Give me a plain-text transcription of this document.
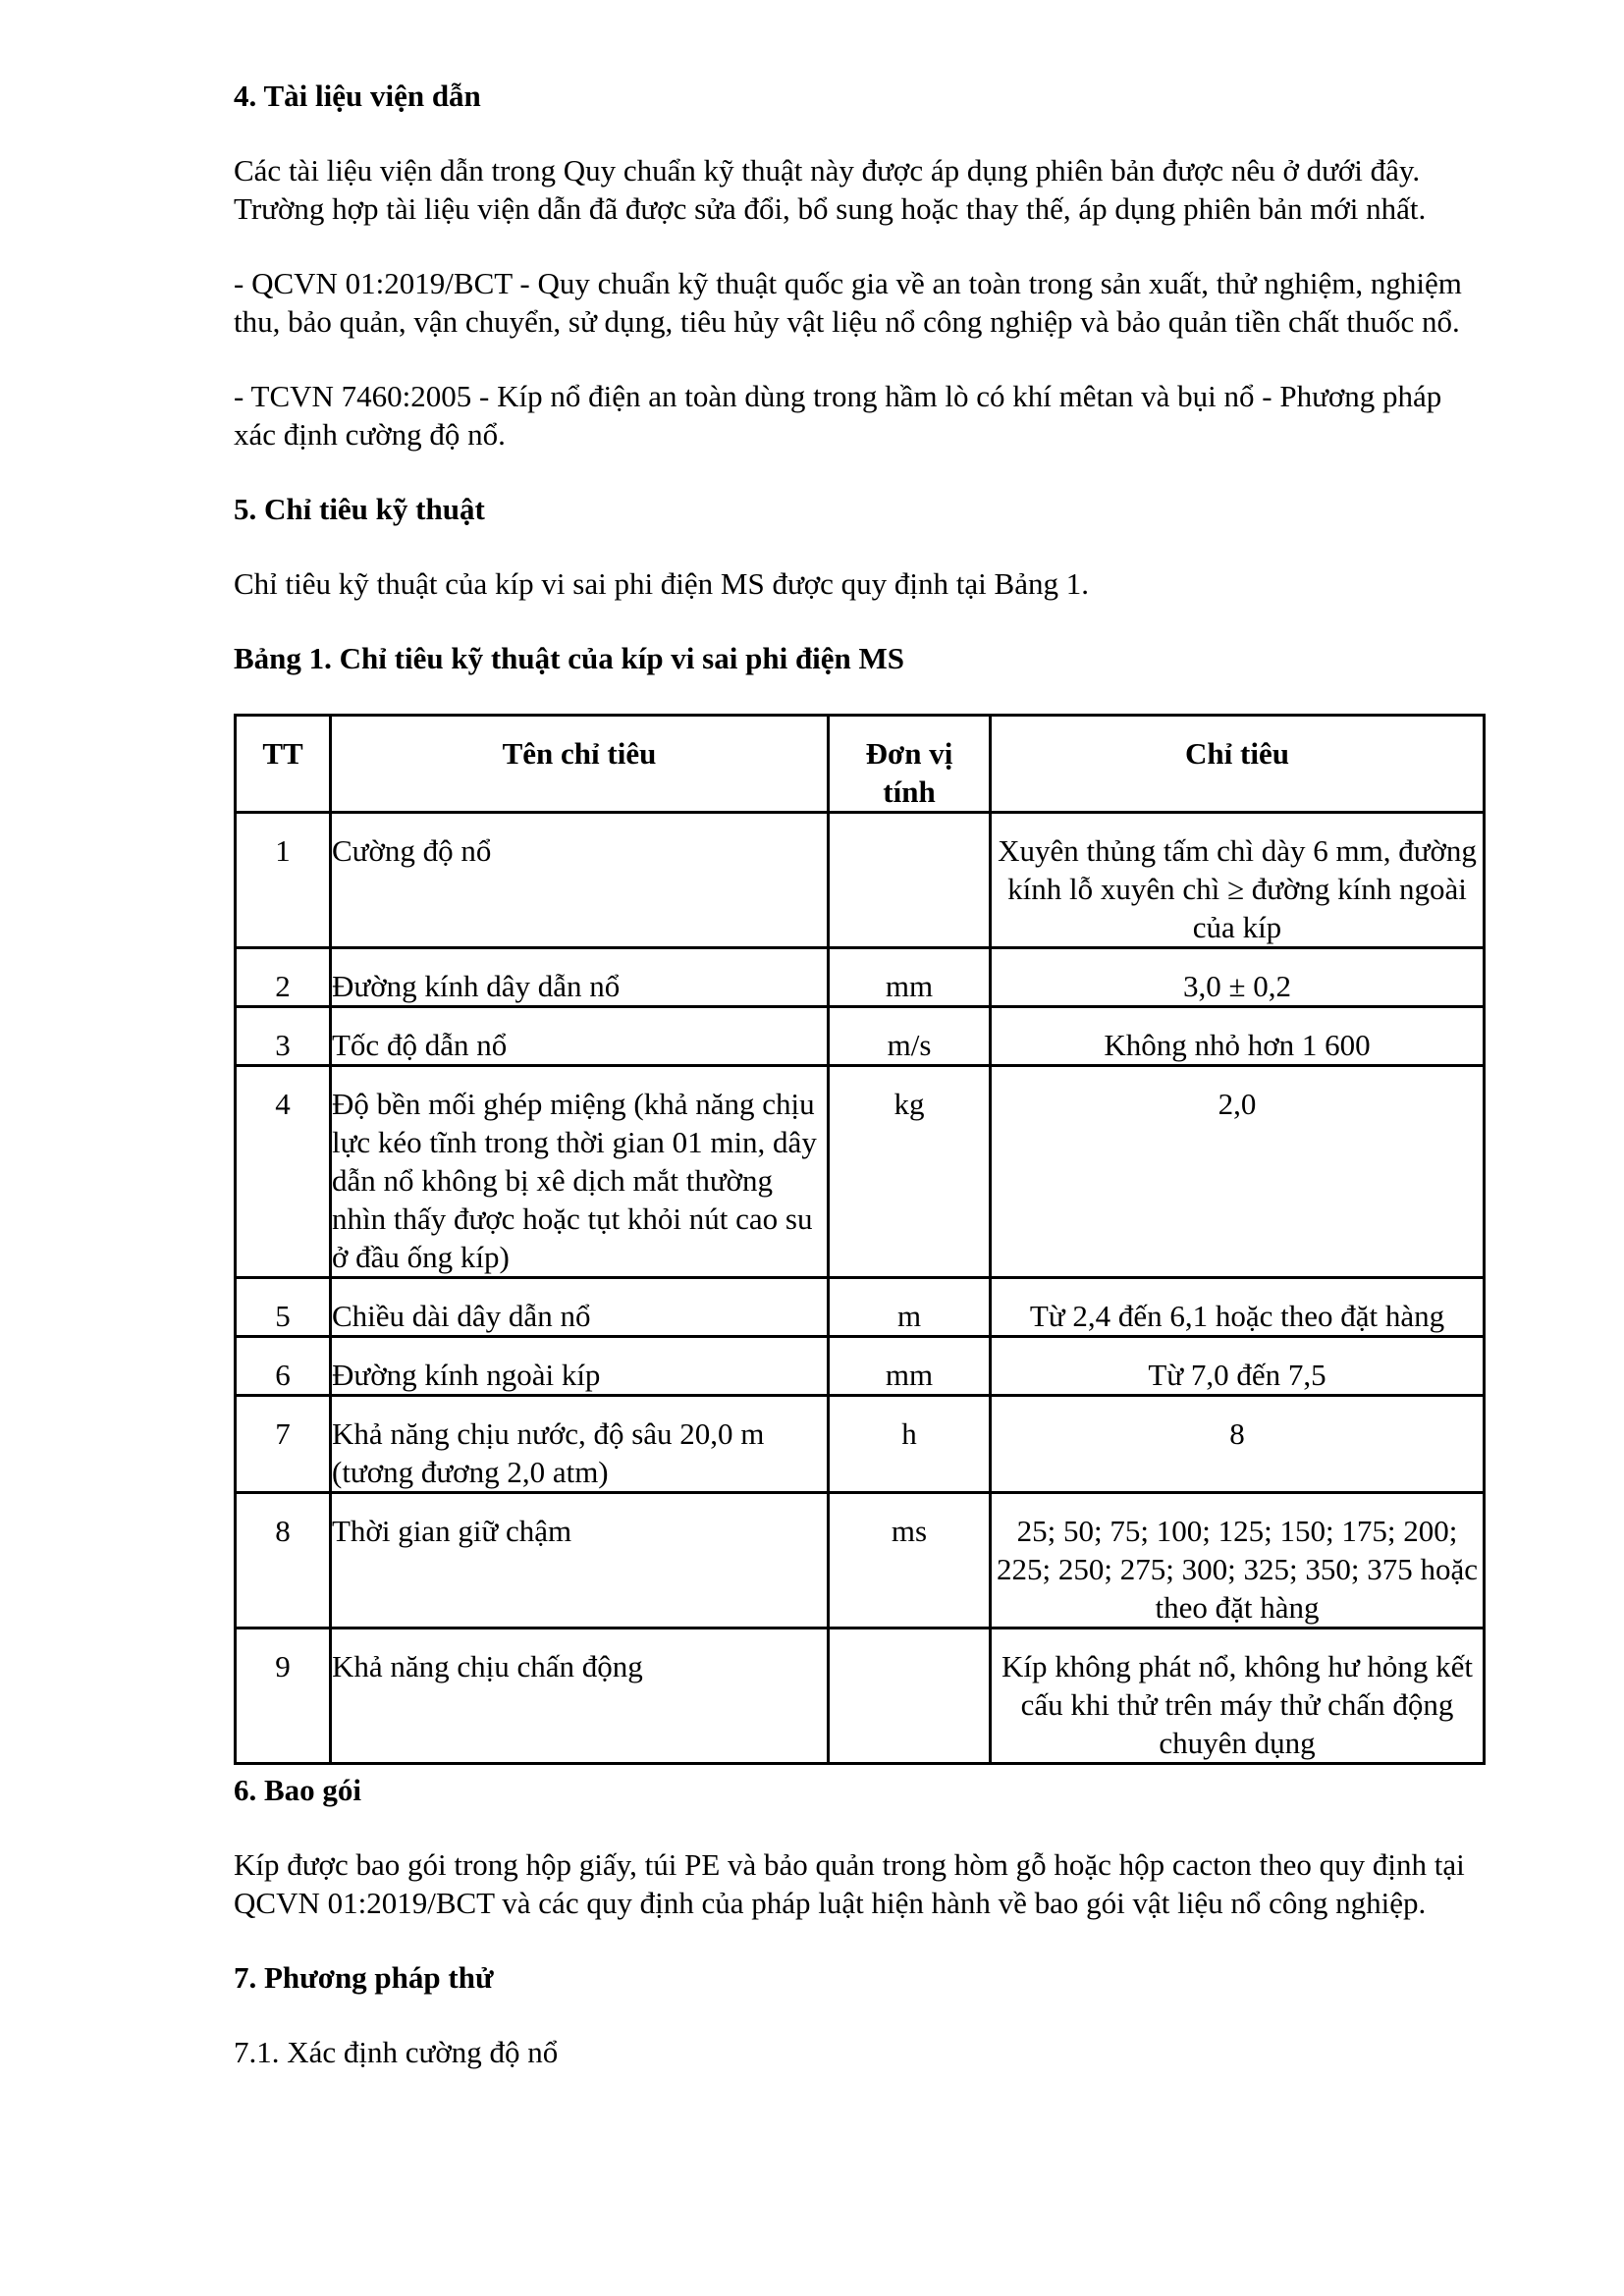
4. Tài liệu viện dẫn

Các tài liệu viện dẫn trong Quy chuẩn kỹ thuật này được áp dụng phiên bản được nêu ở dưới đây. Trường hợp tài liệu viện dẫn đã được sửa đổi, bổ sung hoặc thay thế, áp dụng phiên bản mới nhất.

- QCVN 01:2019/BCT - Quy chuẩn kỹ thuật quốc gia về an toàn trong sản xuất, thử nghiệm, nghiệm thu, bảo quản, vận chuyển, sử dụng, tiêu hủy vật liệu nổ công nghiệp và bảo quản tiền chất thuốc nổ.

- TCVN 7460:2005 - Kíp nổ điện an toàn dùng trong hầm lò có khí mêtan và bụi nổ - Phương pháp xác định cường độ nổ.

5. Chỉ tiêu kỹ thuật

Chỉ tiêu kỹ thuật của kíp vi sai phi điện MS được quy định tại Bảng 1.

Bảng 1. Chỉ tiêu kỹ thuật của kíp vi sai phi điện MS

TT	Tên chỉ tiêu	Đơn vị tính	Chỉ tiêu
1	Cường độ nổ		Xuyên thủng tấm chì dày 6 mm, đường kính lỗ xuyên chì ≥ đường kính ngoài của kíp
2	Đường kính dây dẫn nổ	mm	3,0 ± 0,2
3	Tốc độ dẫn nổ	m/s	Không nhỏ hơn 1 600
4	Độ bền mối ghép miệng (khả năng chịu lực kéo tĩnh trong thời gian 01 min, dây dẫn nổ không bị xê dịch mắt thường nhìn thấy được hoặc tụt khỏi nút cao su ở đầu ống kíp)	kg	2,0
5	Chiều dài dây dẫn nổ	m	Từ 2,4 đến 6,1 hoặc theo đặt hàng
6	Đường kính ngoài kíp	mm	Từ 7,0 đến 7,5
7	Khả năng chịu nước, độ sâu 20,0 m (tương đương 2,0 atm)	h	8
8	Thời gian giữ chậm	ms	25; 50; 75; 100; 125; 150; 175; 200; 225; 250; 275; 300; 325; 350; 375 hoặc theo đặt hàng
9	Khả năng chịu chấn động		Kíp không phát nổ, không hư hỏng kết cấu khi thử trên máy thử chấn động chuyên dụng

6. Bao gói

Kíp được bao gói trong hộp giấy, túi PE và bảo quản trong hòm gỗ hoặc hộp cacton theo quy định tại QCVN 01:2019/BCT và các quy định của pháp luật hiện hành về bao gói vật liệu nổ công nghiệp.

7. Phương pháp thử

7.1. Xác định cường độ nổ
